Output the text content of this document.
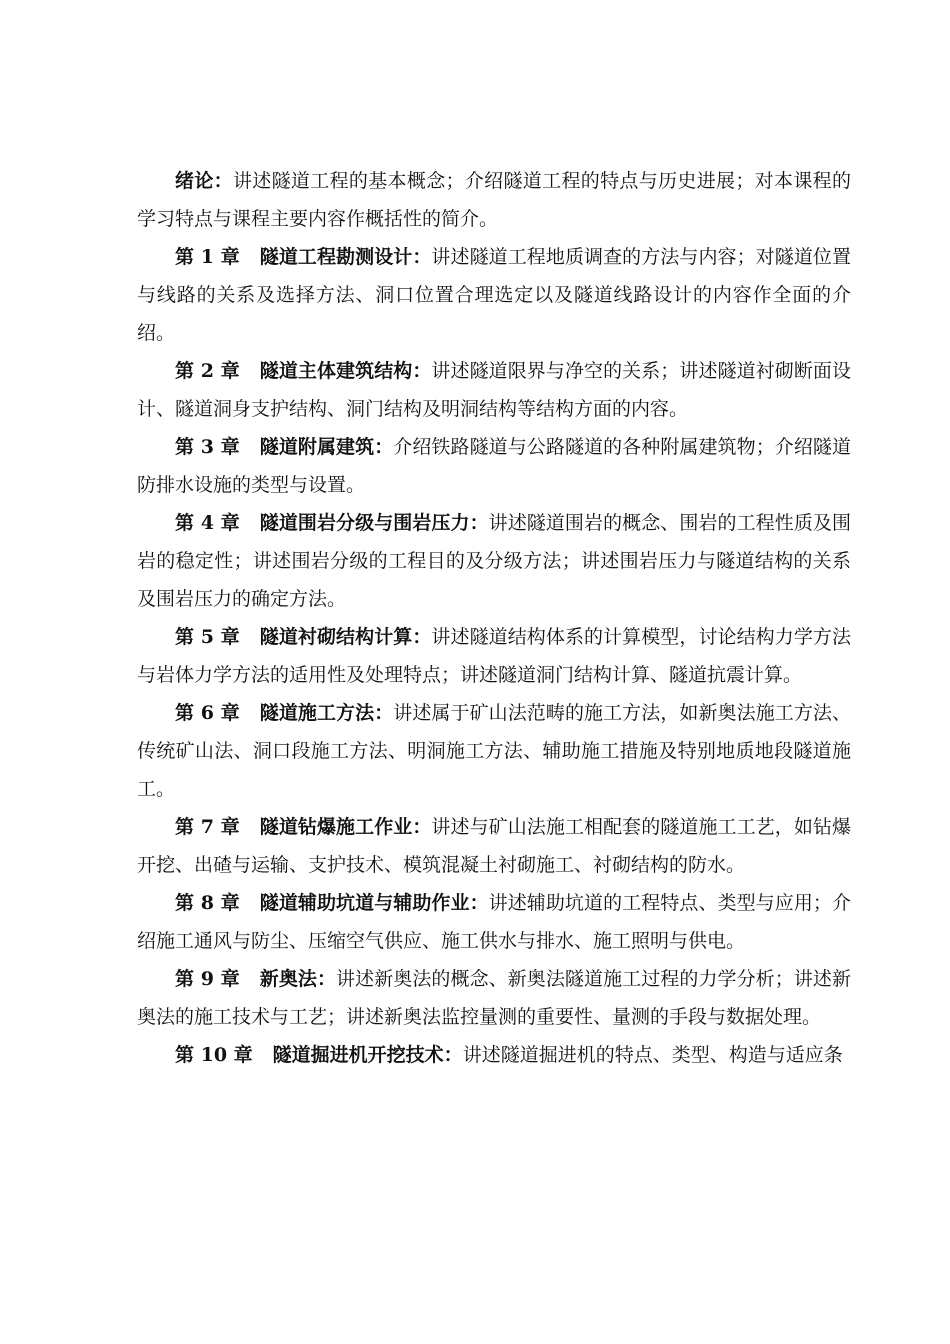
绪论：讲述隧道工程的基本概念；介绍隧道工程的特点与历史进展；对本课程的学习特点与课程主要内容作概括性的简介。

第 1 章 隧道工程勘测设计：讲述隧道工程地质调查的方法与内容；对隧道位置与线路的关系及选择方法、洞口位置合理选定以及隧道线路设计的内容作全面的介绍。

第 2 章 隧道主体建筑结构：讲述隧道限界与净空的关系；讲述隧道衬砌断面设计、隧道洞身支护结构、洞门结构及明洞结构等结构方面的内容。

第 3 章 隧道附属建筑：介绍铁路隧道与公路隧道的各种附属建筑物；介绍隧道防排水设施的类型与设置。

第 4 章 隧道围岩分级与围岩压力：讲述隧道围岩的概念、围岩的工程性质及围岩的稳定性；讲述围岩分级的工程目的及分级方法；讲述围岩压力与隧道结构的关系及围岩压力的确定方法。

第 5 章 隧道衬砌结构计算：讲述隧道结构体系的计算模型，讨论结构力学方法与岩体力学方法的适用性及处理特点；讲述隧道洞门结构计算、隧道抗震计算。

第 6 章 隧道施工方法：讲述属于矿山法范畴的施工方法，如新奥法施工方法、传统矿山法、洞口段施工方法、明洞施工方法、辅助施工措施及特别地质地段隧道施工。

第 7 章 隧道钻爆施工作业：讲述与矿山法施工相配套的隧道施工工艺，如钻爆开挖、出碴与运输、支护技术、模筑混凝土衬砌施工、衬砌结构的防水。

第 8 章 隧道辅助坑道与辅助作业：讲述辅助坑道的工程特点、类型与应用；介绍施工通风与防尘、压缩空气供应、施工供水与排水、施工照明与供电。

第 9 章 新奥法：讲述新奥法的概念、新奥法隧道施工过程的力学分析；讲述新奥法的施工技术与工艺；讲述新奥法监控量测的重要性、量测的手段与数据处理。

第 10 章 隧道掘进机开挖技术：讲述隧道掘进机的特点、类型、构造与适应条
